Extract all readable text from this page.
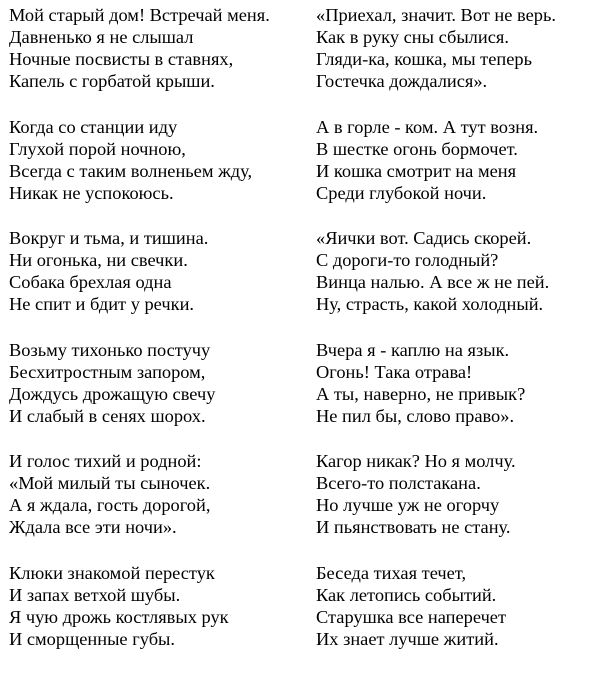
Мой старый дом! Встречай меня.
Давненько я не слышал
Ночные посвисты в ставнях,
Капель с горбатой крыши.
Когда со станции иду
Глухой порой ночною,
Всегда с таким волненьем жду,
Никак не успокоюсь.
Вокруг и тьма, и тишина.
Ни огонька, ни свечки.
Собака брехлая одна
Не спит и бдит у речки.
Возьму тихонько постучу
Бесхитростным запором,
Дождусь дрожащую свечу
И слабый в сенях шорох.
И голос тихий и родной:
«Мой милый ты сыночек.
А я ждала, гость дорогой,
Ждала все эти ночи».
Клюки знакомой перестук
И запах ветхой шубы.
Я чую дрожь костлявых рук
И сморщенные губы.
«Приехал, значит. Вот не верь.
Как в руку сны сбылися.
Гляди-ка, кошка, мы теперь
Гостечка дождалися».
А в горле - ком. А тут возня.
В шестке огонь бормочет.
И кошка смотрит на меня
Среди глубокой ночи.
«Яички вот. Садись скорей.
С дороги-то голодный?
Винца налью. А все ж не пей.
Ну, страсть, какой холодный.
Вчера я - каплю на язык.
Огонь! Така отрава!
А ты, наверно, не привык?
Не пил бы, слово право».
Кагор никак? Но я молчу.
Всего-то полстакана.
Но лучше уж не огорчу
И пьянствовать не стану.
Беседа тихая течет,
Как летопись событий.
Старушка все наперечет
Их знает лучше житий.
